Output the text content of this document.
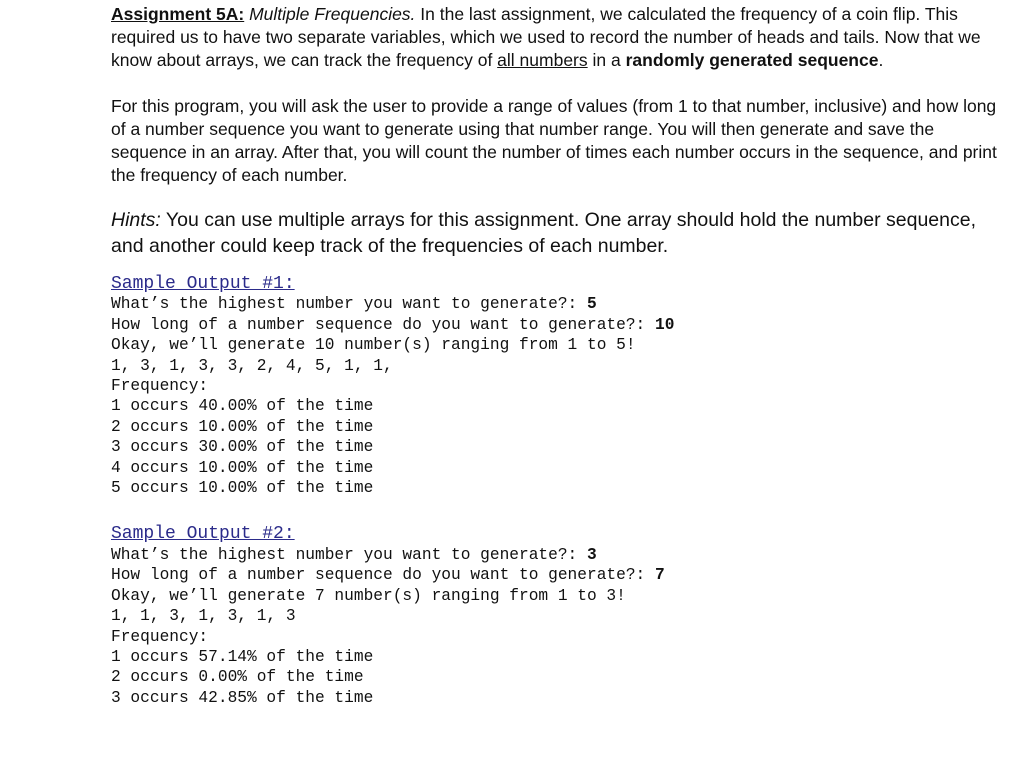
Assignment 5A: Multiple Frequencies. In the last assignment, we calculated the frequency of a coin flip. This required us to have two separate variables, which we used to record the number of heads and tails. Now that we know about arrays, we can track the frequency of all numbers in a randomly generated sequence.

For this program, you will ask the user to provide a range of values (from 1 to that number, inclusive) and how long of a number sequence you want to generate using that number range. You will then generate and save the sequence in an array. After that, you will count the number of times each number occurs in the sequence, and print the frequency of each number.

Hints: You can use multiple arrays for this assignment. One array should hold the number sequence, and another could keep track of the frequencies of each number.

Sample Output #1:
What’s the highest number you want to generate?: 5
How long of a number sequence do you want to generate?: 10
Okay, we’ll generate 10 number(s) ranging from 1 to 5!
1, 3, 1, 3, 3, 2, 4, 5, 1, 1,
Frequency:
1 occurs 40.00% of the time
2 occurs 10.00% of the time
3 occurs 30.00% of the time
4 occurs 10.00% of the time
5 occurs 10.00% of the time
Sample Output #2:
What’s the highest number you want to generate?: 3
How long of a number sequence do you want to generate?: 7
Okay, we’ll generate 7 number(s) ranging from 1 to 3!
1, 1, 3, 1, 3, 1, 3
Frequency:
1 occurs 57.14% of the time
2 occurs 0.00% of the time
3 occurs 42.85% of the time
